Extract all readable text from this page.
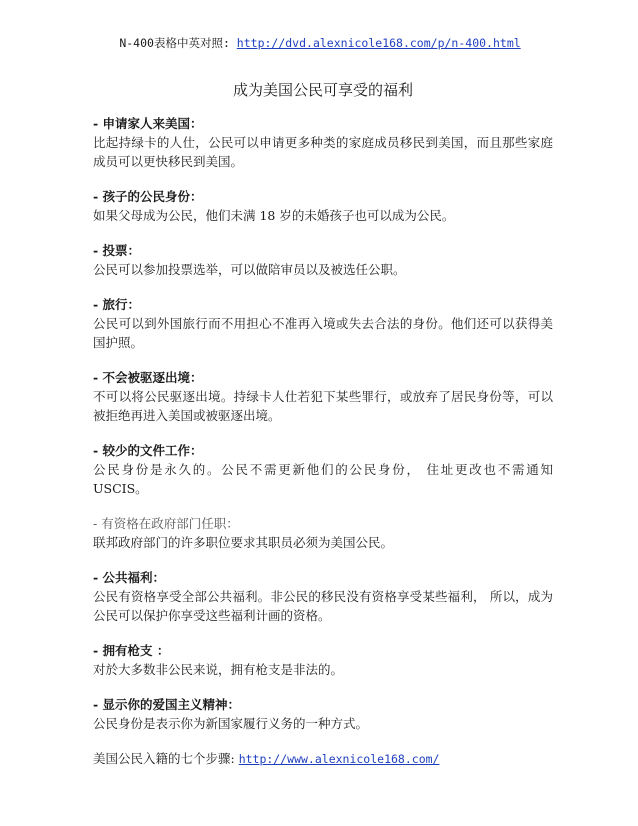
N-400表格中英对照: http://dvd.alexnicole168.com/p/n-400.html
成为美国公民可享受的福利
- 申请家人来美国：
比起持绿卡的人仕，公民可以申请更多种类的家庭成员移民到美国，而且那些家庭成员可以更快移民到美国。
- 孩子的公民身份：
如果父母成为公民，他们未满 18 岁的未婚孩子也可以成为公民。
- 投票：
公民可以参加投票选举，可以做陪审员以及被选任公职。
- 旅行：
公民可以到外国旅行而不用担心不准再入境或失去合法的身份。他们还可以获得美国护照。
- 不会被驱逐出境：
不可以将公民驱逐出境。持绿卡人仕若犯下某些罪行，或放弃了居民身份等，可以被拒绝再进入美国或被驱逐出境。
- 较少的文件工作：
公民身份是永久的。公民不需更新他们的公民身份， 住址更改也不需通知 USCIS。
- 有资格在政府部门任职：
联邦政府部门的许多职位要求其职员必须为美国公民。
- 公共福利：
公民有资格享受全部公共福利。非公民的移民没有资格享受某些福利， 所以，成为公民可以保护你享受这些福利计画的资格。
- 拥有枪支 ：
对於大多数非公民来说，拥有枪支是非法的。
- 显示你的爱国主义精神：
公民身份是表示你为新国家履行义务的一种方式。
美国公民入籍的七个步骤: http://www.alexnicole168.com/
